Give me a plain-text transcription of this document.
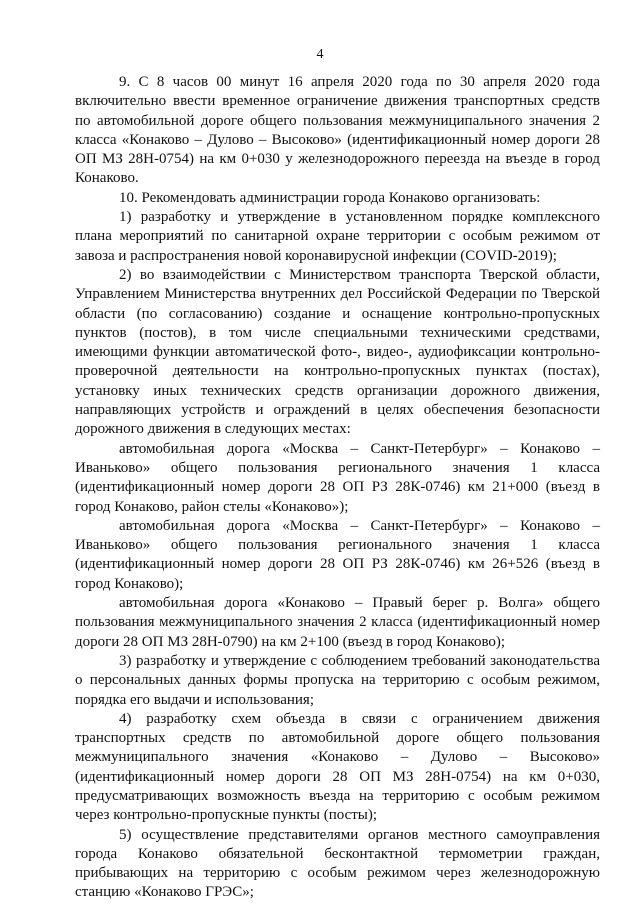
4

9. С 8 часов 00 минут 16 апреля 2020 года по 30 апреля 2020 года включительно ввести временное ограничение движения транспортных средств по автомобильной дороге общего пользования межмуниципального значения 2 класса «Конаково – Дулово – Высоково» (идентификационный номер дороги 28 ОП МЗ 28Н-0754) на км 0+030 у железнодорожного переезда на въезде в город Конаково.

10. Рекомендовать администрации города Конаково организовать:

1) разработку и утверждение в установленном порядке комплексного плана мероприятий по санитарной охране территории с особым режимом от завоза и распространения новой коронавирусной инфекции (COVID-2019);

2) во взаимодействии с Министерством транспорта Тверской области, Управлением Министерства внутренних дел Российской Федерации по Тверской области (по согласованию) создание и оснащение контрольно-пропускных пунктов (постов), в том числе специальными техническими средствами, имеющими функции автоматической фото-, видео-, аудиофиксации контрольно-проверочной деятельности на контрольно-пропускных пунктах (постах), установку иных технических средств организации дорожного движения, направляющих устройств и ограждений в целях обеспечения безопасности дорожного движения в следующих местах:

автомобильная дорога «Москва – Санкт-Петербург» – Конаково – Иваньково» общего пользования регионального значения 1 класса (идентификационный номер дороги 28 ОП РЗ 28К-0746) км 21+000 (въезд в город Конаково, район стелы «Конаково»);

автомобильная дорога «Москва – Санкт-Петербург» – Конаково – Иваньково» общего пользования регионального значения 1 класса (идентификационный номер дороги 28 ОП РЗ 28К-0746) км 26+526 (въезд в город Конаково);

автомобильная дорога «Конаково – Правый берег р. Волга» общего пользования межмуниципального значения 2 класса (идентификационный номер дороги 28 ОП МЗ 28Н-0790) на км 2+100 (въезд в город Конаково);

3) разработку и утверждение с соблюдением требований законодательства о персональных данных формы пропуска на территорию с особым режимом, порядка его выдачи и использования;

4) разработку схем объезда в связи с ограничением движения транспортных средств по автомобильной дороге общего пользования межмуниципального значения «Конаково – Дулово – Высоково» (идентификационный номер дороги 28 ОП МЗ 28Н-0754) на км 0+030, предусматривающих возможность въезда на территорию с особым режимом через контрольно-пропускные пункты (посты);

5) осуществление представителями органов местного самоуправления города Конаково обязательной бесконтактной термометрии граждан, прибывающих на территорию с особым режимом через железнодорожную станцию «Конаково ГРЭС»;
